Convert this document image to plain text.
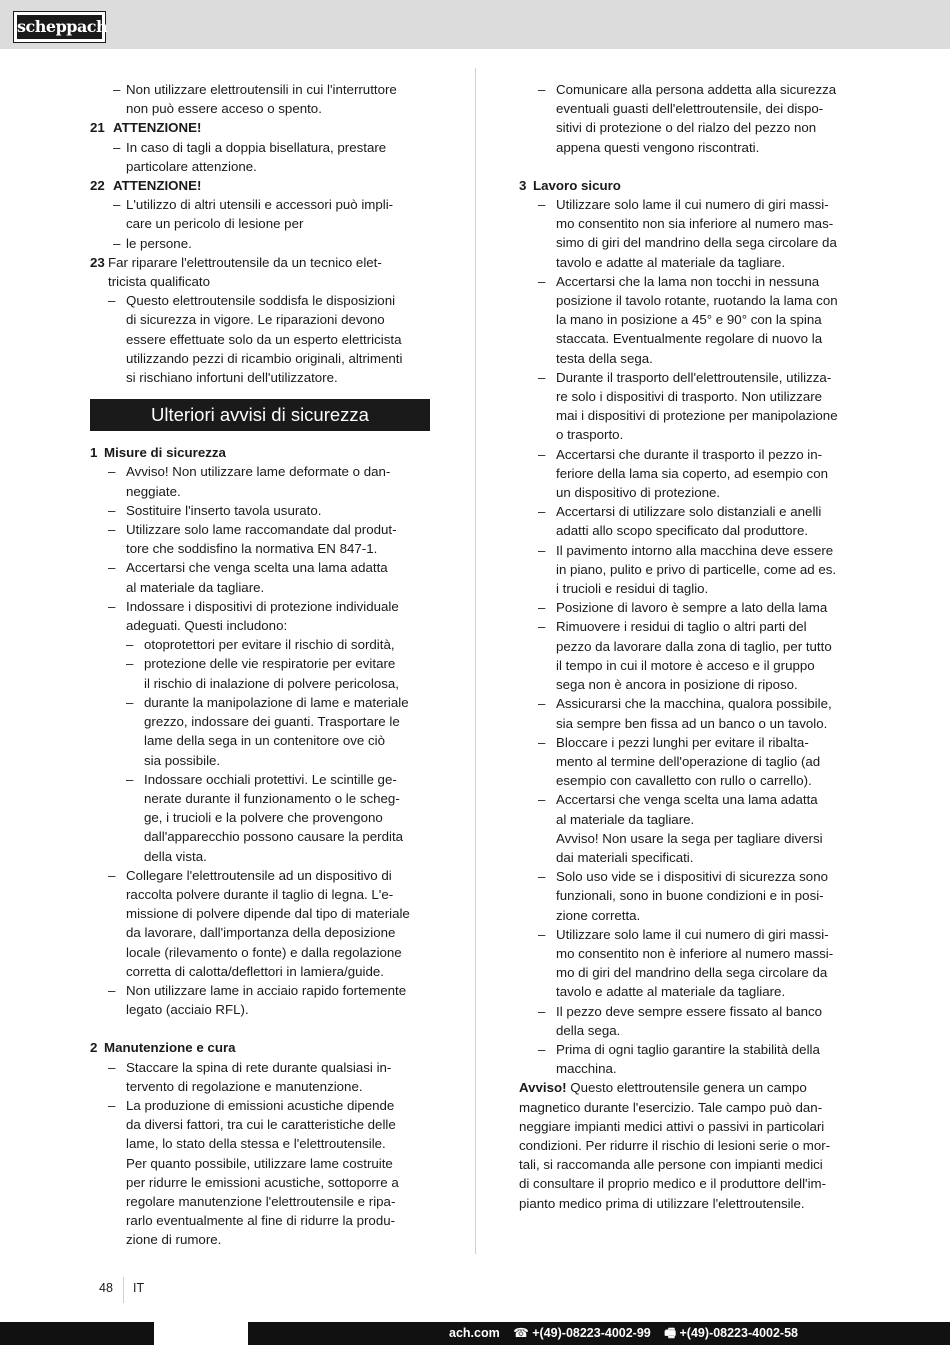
scheppach
– Non utilizzare elettroutensili in cui l'interruttore
non può essere acceso o spento.
21 ATTENZIONE!
– In caso di tagli a doppia bisellatura, prestare
particolare attenzione.
22 ATTENZIONE!
– L'utilizzo di altri utensili e accessori può impli-
care un pericolo di lesione per
– le persone.
23 Far riparare l'elettroutensile da un tecnico elet-
tricista qualificato
– Questo elettroutensile soddisfa le disposizioni
di sicurezza in vigore. Le riparazioni devono
essere effettuate solo da un esperto elettricista
utilizzando pezzi di ricambio originali, altrimenti
si rischiano infortuni dell'utilizzatore.
Ulteriori avvisi di sicurezza
1 Misure di sicurezza
– Avviso! Non utilizzare lame deformate o dan-
neggiate.
– Sostituire l'inserto tavola usurato.
– Utilizzare solo lame raccomandate dal produt-
tore che soddisfino la normativa EN 847-1.
– Accertarsi che venga scelta una lama adatta
al materiale da tagliare.
– Indossare i dispositivi di protezione individuale
adeguati. Questi includono:
– otoprotettori per evitare il rischio di sordità,
– protezione delle vie respiratorie per evitare
il rischio di inalazione di polvere pericolosa,
– durante la manipolazione di lame e materiale
grezzo, indossare dei guanti. Trasportare le
lame della sega in un contenitore ove ciò
sia possibile.
– Indossare occhiali protettivi. Le scintille ge-
nerate durante il funzionamento o le scheg-
ge, i trucioli e la polvere che provengono
dall'apparecchio possono causare la perdita
della vista.
– Collegare l'elettroutensile ad un dispositivo di
raccolta polvere durante il taglio di legna. L'e-
missione di polvere dipende dal tipo di materiale
da lavorare, dall'importanza della deposizione
locale (rilevamento o fonte) e dalla regolazione
corretta di calotta/deflettori in lamiera/guide.
– Non utilizzare lame in acciaio rapido fortemente
legato (acciaio RFL).
2 Manutenzione e cura
– Staccare la spina di rete durante qualsiasi in-
tervento di regolazione e manutenzione.
– La produzione di emissioni acustiche dipende
da diversi fattori, tra cui le caratteristiche delle
lame, lo stato della stessa e l'elettroutensile.
Per quanto possibile, utilizzare lame costruite
per ridurre le emissioni acustiche, sottoporre a
regolare manutenzione l'elettroutensile e ripa-
rarlo eventualmente al fine di ridurre la produ-
zione di rumore.
– Comunicare alla persona addetta alla sicurezza
eventuali guasti dell'elettroutensile, dei dispo-
sitivi di protezione o del rialzo del pezzo non
appena questi vengono riscontrati.
3 Lavoro sicuro
– Utilizzare solo lame il cui numero di giri massi-
mo consentito non sia inferiore al numero mas-
simo di giri del mandrino della sega circolare da
tavolo e adatte al materiale da tagliare.
– Accertarsi che la lama non tocchi in nessuna
posizione il tavolo rotante, ruotando la lama con
la mano in posizione a 45° e 90° con la spina
staccata. Eventualmente regolare di nuovo la
testa della sega.
– Durante il trasporto dell'elettroutensile, utilizza-
re solo i dispositivi di trasporto. Non utilizzare
mai i dispositivi di protezione per manipolazione
o trasporto.
– Accertarsi che durante il trasporto il pezzo in-
feriore della lama sia coperto, ad esempio con
un dispositivo di protezione.
– Accertarsi di utilizzare solo distanziali e anelli
adatti allo scopo specificato dal produttore.
– Il pavimento intorno alla macchina deve essere
in piano, pulito e privo di particelle, come ad es.
i trucioli e residui di taglio.
– Posizione di lavoro è sempre a lato della lama
– Rimuovere i residui di taglio o altri parti del
pezzo da lavorare dalla zona di taglio, per tutto
il tempo in cui il motore è acceso e il gruppo
sega non è ancora in posizione di riposo.
– Assicurarsi che la macchina, qualora possibile,
sia sempre ben fissa ad un banco o un tavolo.
– Bloccare i pezzi lunghi per evitare il ribalta-
mento al termine dell'operazione di taglio (ad
esempio con cavalletto con rullo o carrello).
– Accertarsi che venga scelta una lama adatta
al materiale da tagliare.
Avviso! Non usare la sega per tagliare diversi
dai materiali specificati.
– Solo uso vide se i dispositivi di sicurezza sono
funzionali, sono in buone condizioni e in posi-
zione corretta.
– Utilizzare solo lame il cui numero di giri massi-
mo consentito non è inferiore al numero massi-
mo di giri del mandrino della sega circolare da
tavolo e adatte al materiale da tagliare.
– Il pezzo deve sempre essere fissato al banco
della sega.
– Prima di ogni taglio garantire la stabilità della
macchina.
Avviso! Questo elettroutensile genera un campo
magnetico durante l'esercizio. Tale campo può dan-
neggiare impianti medici attivi o passivi in particolari
condizioni. Per ridurre il rischio di lesioni serie o mor-
tali, si raccomanda alle persone con impianti medici
di consultare il proprio medico e il produttore dell'im-
pianto medico prima di utilizzare l'elettroutensile.
48 IT
ach.com ☎ +(49)-08223-4002-99 🖷 +(49)-08223-4002-58
